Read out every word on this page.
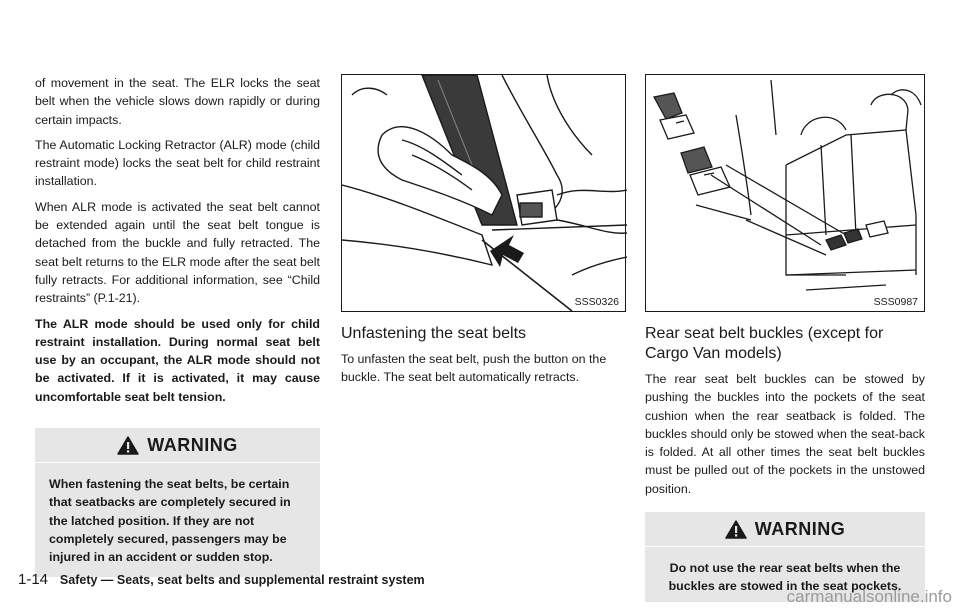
of movement in the seat. The ELR locks the seat belt when the vehicle slows down rapidly or during certain impacts.

The Automatic Locking Retractor (ALR) mode (child restraint mode) locks the seat belt for child restraint installation.

When ALR mode is activated the seat belt cannot be extended again until the seat belt tongue is detached from the buckle and fully retracted. The seat belt returns to the ELR mode after the seat belt fully retracts. For additional information, see “Child restraints” (P.1-21).

The ALR mode should be used only for child restraint installation. During normal seat belt use by an occupant, the ALR mode should not be activated. If it is activated, it may cause uncomfortable seat belt tension.

WARNING
When fastening the seat belts, be certain that seatbacks are completely secured in the latched position. If they are not completely secured, passengers may be injured in an accident or sudden stop.
SSS0326
Unfastening the seat belts

To unfasten the seat belt, push the button on the buckle. The seat belt automatically retracts.

SSS0987
Rear seat belt buckles (except for Cargo Van models)

The rear seat belt buckles can be stowed by pushing the buckles into the pockets of the seat cushion when the rear seatback is folded. The buckles should only be stowed when the seat-back is folded. At all other times the seat belt buckles must be pulled out of the pockets in the unstowed position.

WARNING
Do not use the rear seat belts when the buckles are stowed in the seat pockets.
1-14 Safety — Seats, seat belts and supplemental restraint system
carmanualsonline.info
